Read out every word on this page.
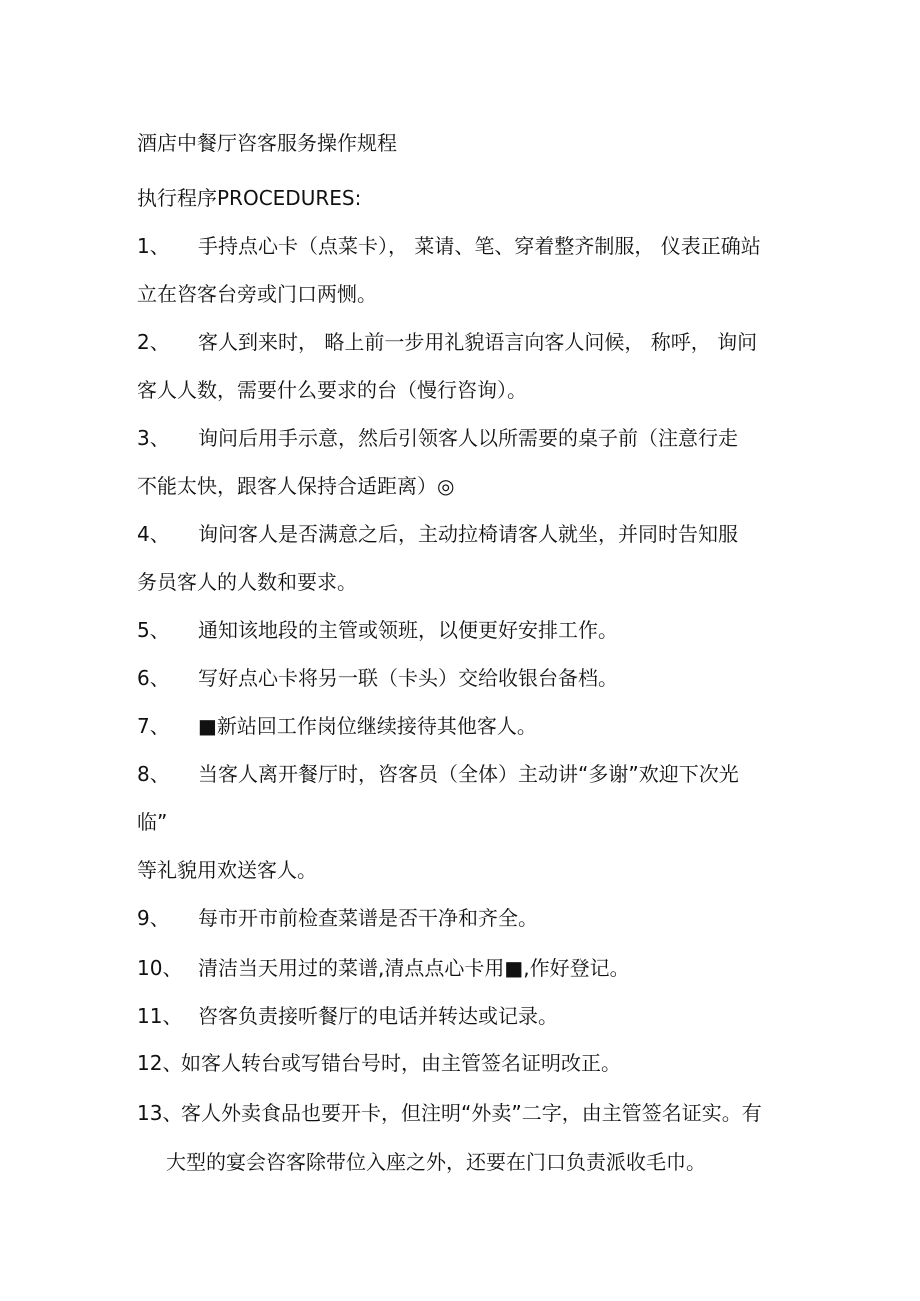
酒店中餐厅咨客服务操作规程
执行程序PROCEDURES:
1、 手持点心卡（点菜卡）， 菜请、笔、穿着整齐制服， 仪表正确站
立在咨客台旁或门口两恻。
2、 客人到来时， 略上前一步用礼貌语言向客人问候， 称呼， 询问
客人人数，需要什么要求的台（慢行咨询）。
3、 询问后用手示意，然后引领客人以所需要的桌子前（注意行走
不能太快，跟客人保持合适距离）◎
4、 询问客人是否满意之后，主动拉椅请客人就坐，并同时告知服
务员客人的人数和要求。
5、 通知该地段的主管或领班，以便更好安排工作。
6、 写好点心卡将另一联（卡头）交给收银台备档。
7、 ■新站回工作岗位继续接待其他客人。
8、 当客人离开餐厅时，咨客员（全体）主动讲“多谢”欢迎下次光
临”
等礼貌用欢送客人。
9、 每市开市前检查菜谱是否干净和齐全。
10、 清洁当天用过的菜谱,清点点心卡用■,作好登记。
11、 咨客负责接听餐厅的电话并转达或记录。
12、
如客人转台或写错台号时，由主管签名证明改正。
13、
客人外卖食品也要开卡，但注明“外卖”二字，由主管签名证实。有
大型的宴会咨客除带位入座之外，还要在门口负责派收毛巾。
